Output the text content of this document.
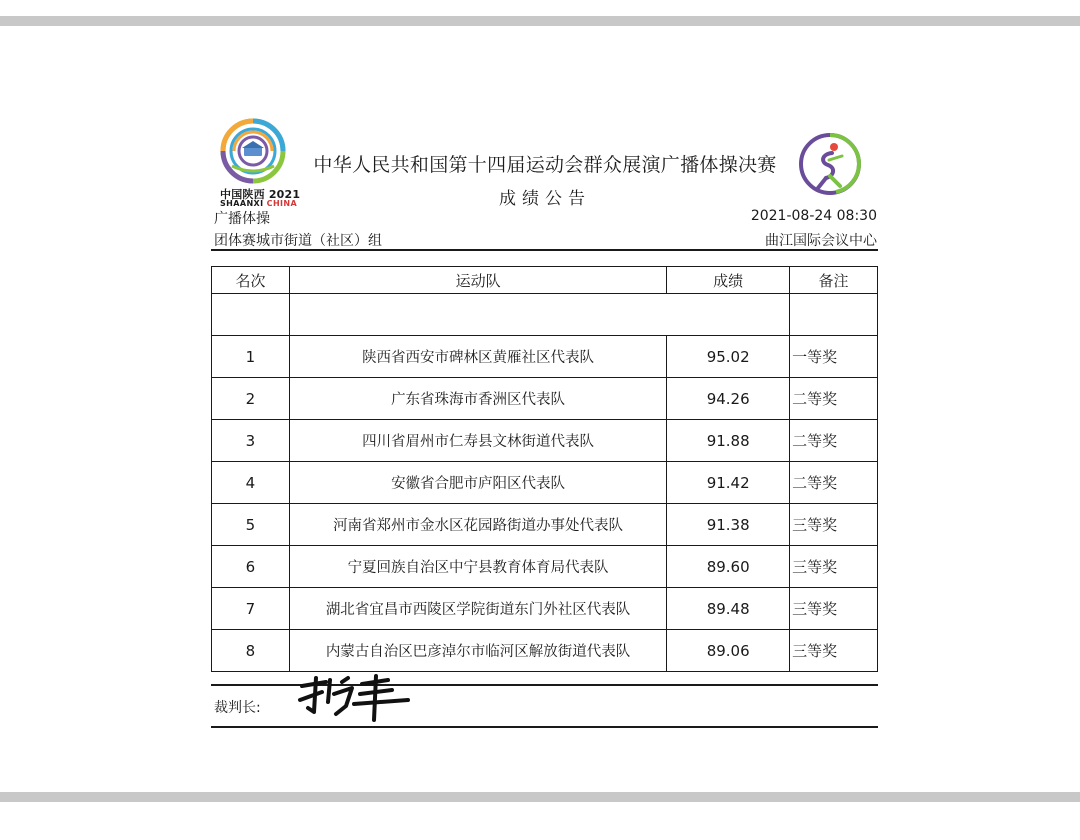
中国陕西 2021
SHAANXI CHINA
中华人民共和国第十四届运动会群众展演广播体操决赛
成绩公告
广播体操
团体赛城市街道（社区）组
2021-08-24 08:30
曲江国际会议中心
名次	运动队	成绩	备注

1	陕西省西安市碑林区黄雁社区代表队	95.02	一等奖
2	广东省珠海市香洲区代表队	94.26	二等奖
3	四川省眉州市仁寿县文林街道代表队	91.88	二等奖
4	安徽省合肥市庐阳区代表队	91.42	二等奖
5	河南省郑州市金水区花园路街道办事处代表队	91.38	三等奖
6	宁夏回族自治区中宁县教育体育局代表队	89.60	三等奖
7	湖北省宜昌市西陵区学院街道东门外社区代表队	89.48	三等奖
8	内蒙古自治区巴彦淖尔市临河区解放街道代表队	89.06	三等奖
裁判长:
